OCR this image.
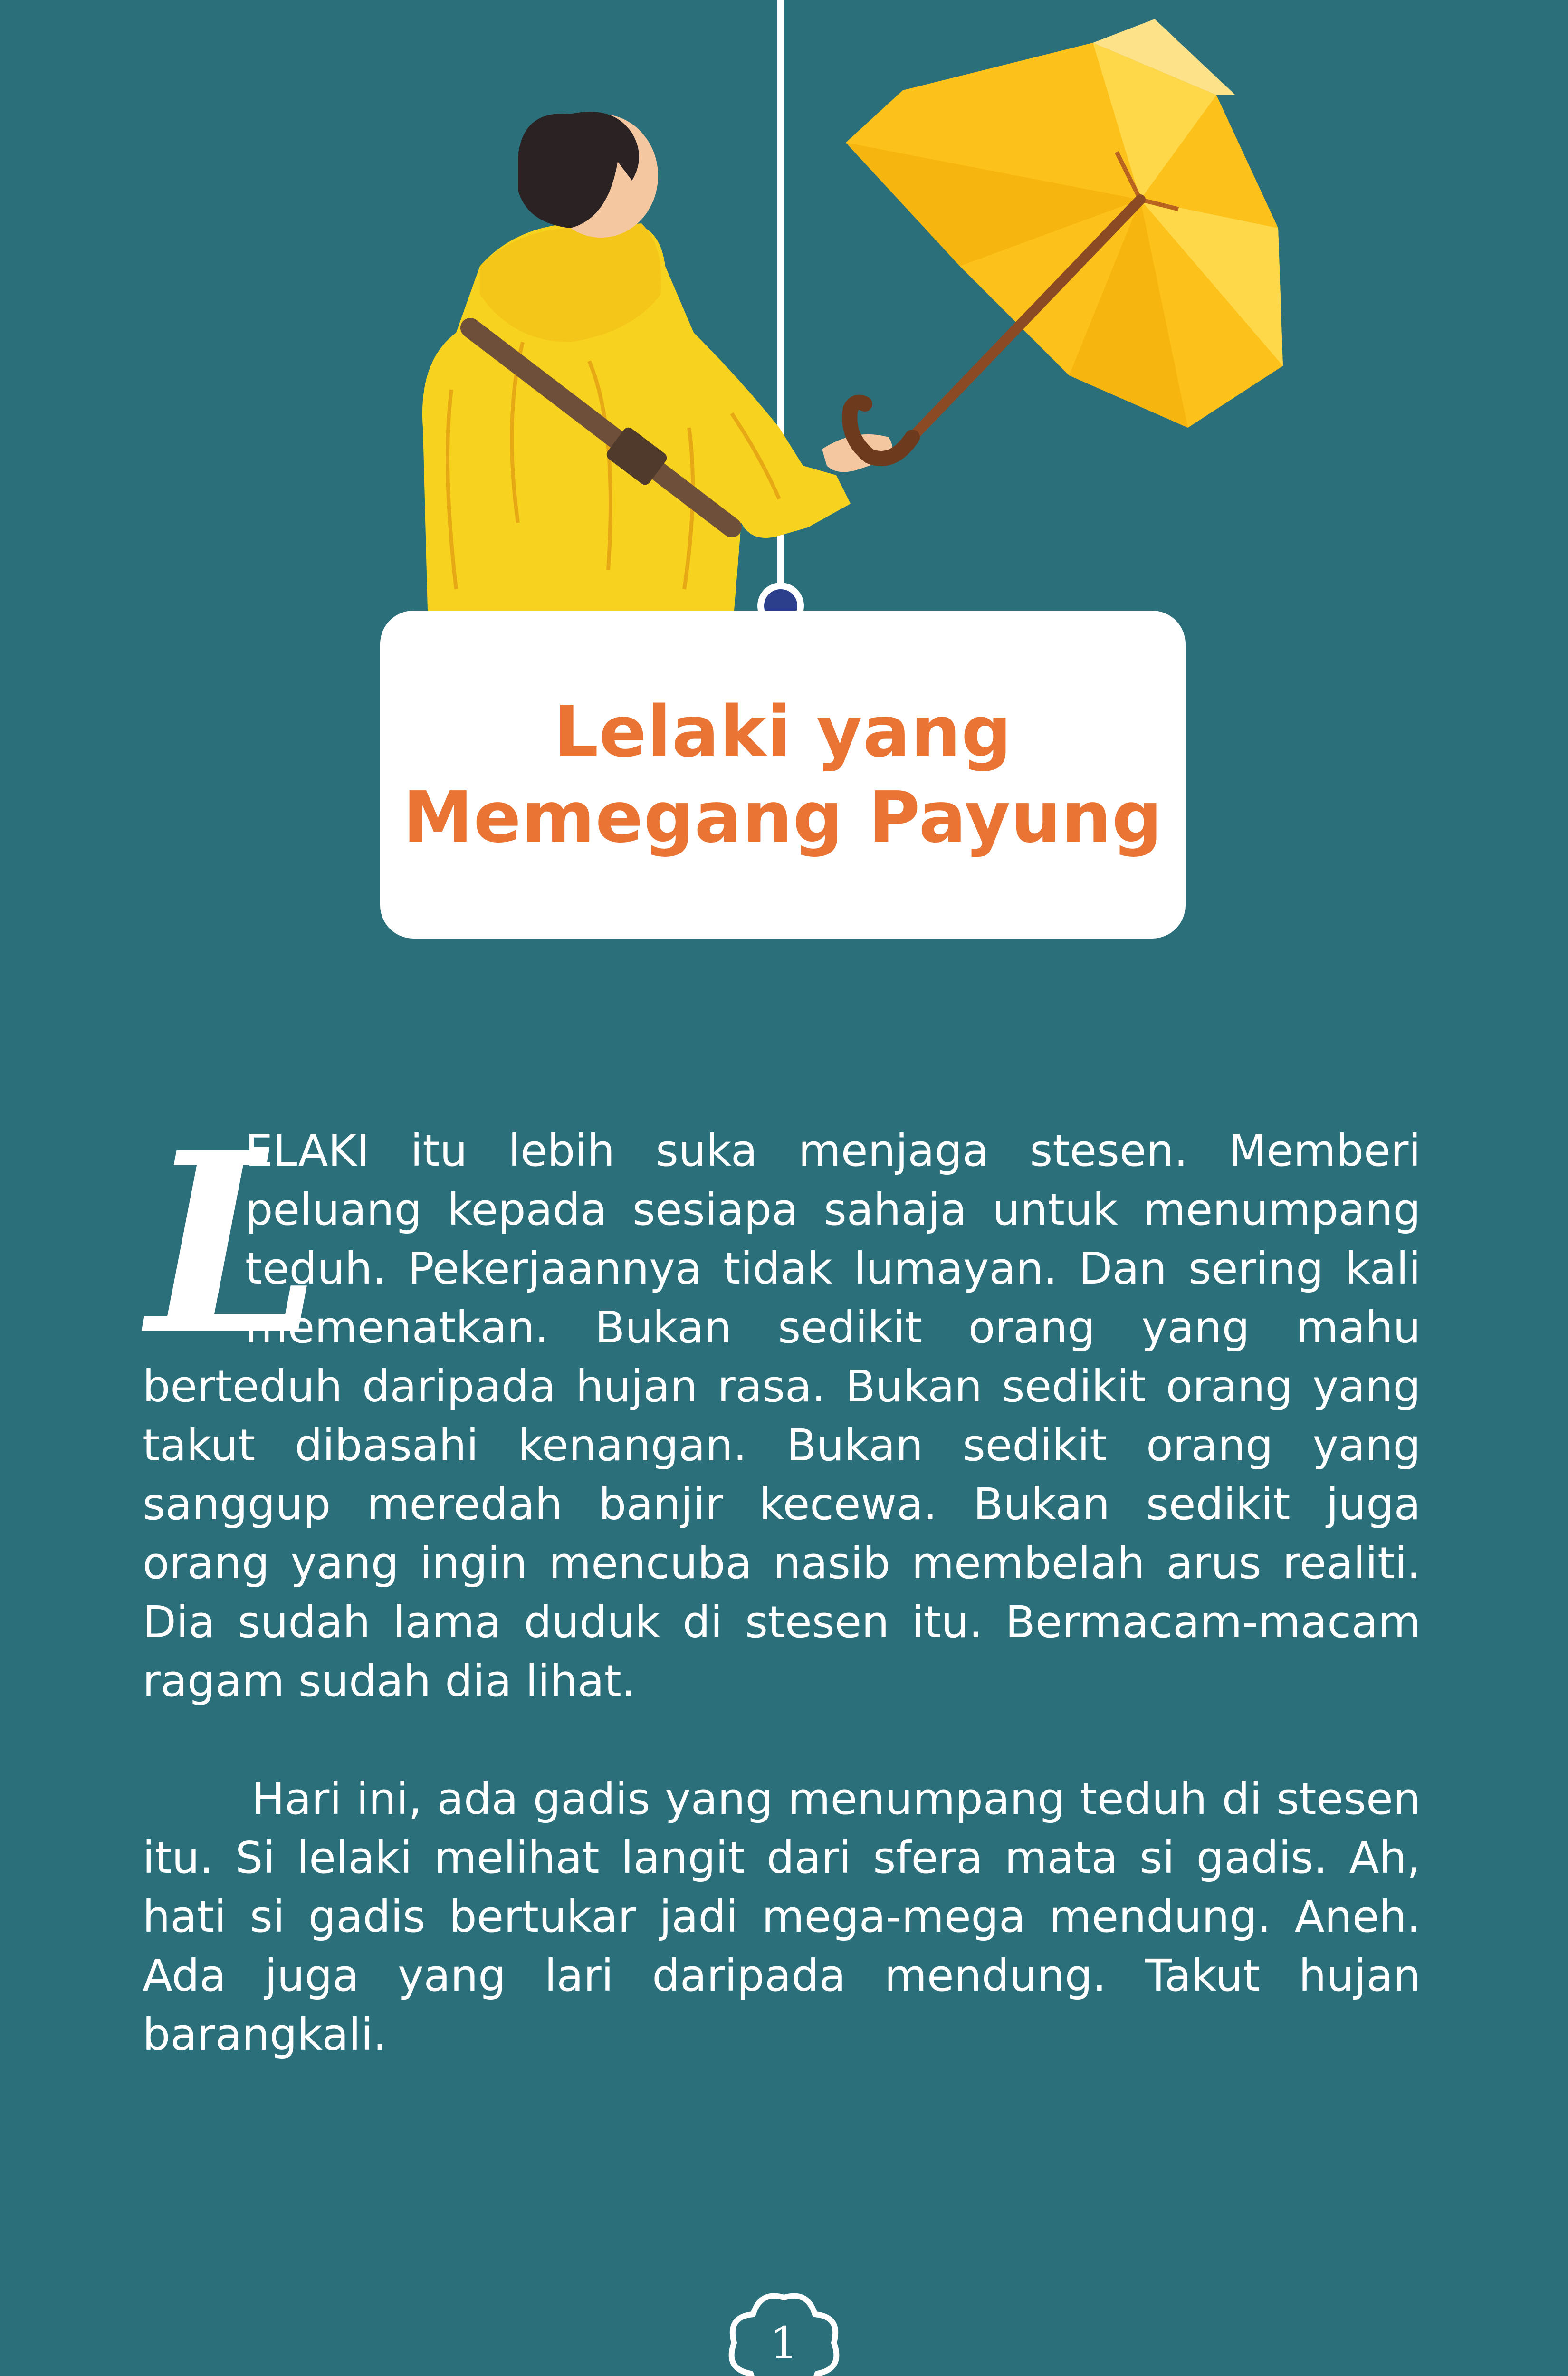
Lelaki yang
Memegang Payung
L

ELAKI itu lebih suka menjaga stesen. Memberi peluang kepada sesiapa sahaja untuk menumpang teduh. Pekerjaannya tidak lumayan. Dan sering kali memenatkan. Bukan sedikit orang yang mahu berteduh daripada hujan rasa. Bukan sedikit orang yang takut dibasahi kenangan. Bukan sedikit orang yang sanggup meredah banjir kecewa. Bukan sedikit juga orang yang ingin mencuba nasib membelah arus realiti. Dia sudah lama duduk di stesen itu. Bermacam-macam ragam sudah dia lihat.

Hari ini, ada gadis yang menumpang teduh di stesen itu. Si lelaki melihat langit dari sfera mata si gadis. Ah, hati si gadis bertukar jadi mega-mega mendung. Aneh. Ada juga yang lari daripada mendung. Takut hujan barangkali.

1
